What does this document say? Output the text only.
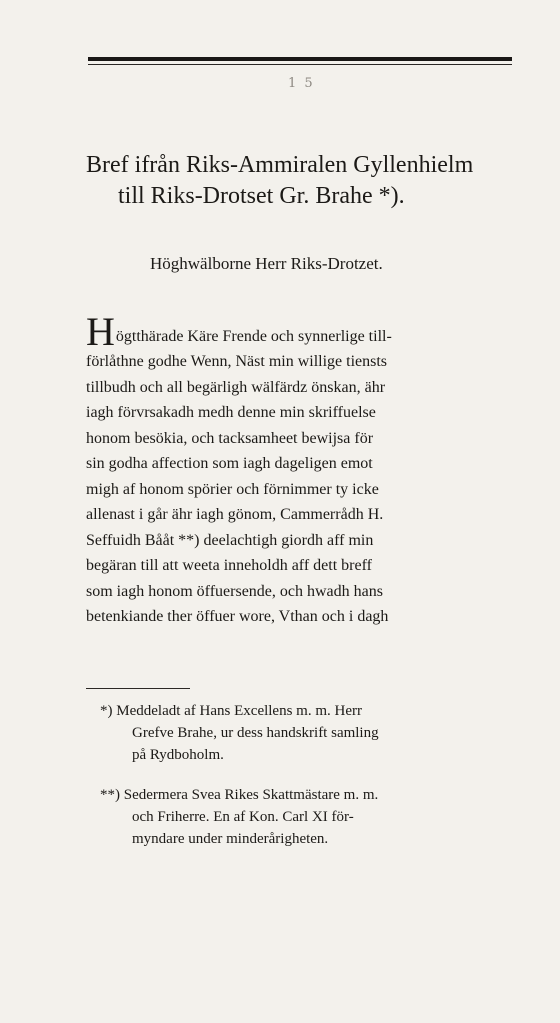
1 5
Bref ifrån Riks-Ammiralen Gyllenhielm
till Riks-Drotset Gr. Brahe *).
Höghwälborne Herr Riks-Drotzet.
Högtthärade Käre Frende och synnerlige till-
förlåthne godhe Wenn, Näst min willige tiensts
tillbudh och all begärligh wälfärdz önskan, ähr
iagh förvrsakadh medh denne min skriffuelse
honom besökia, och tacksamheet bewijsa för
sin godha affection som iagh dageligen emot
migh af honom spörier och förnimmer ty icke
allenast i går ähr iagh gönom, Cammerrådh H.
Seffuidh Bååt **) deelachtigh giordh aff min
begäran till att weeta inneholdh aff dett breff
som iagh honom öffuersende, och hwadh hans
betenkiande ther öffuer wore, Vthan och i dagh
*) Meddeladt af Hans Excellens m. m. Herr
Grefve Brahe, ur dess handskrift samling
på Rydboholm.
**) Sedermera Svea Rikes Skattmästare m. m.
och Friherre. En af Kon. Carl XI för-
myndare under minderårigheten.
